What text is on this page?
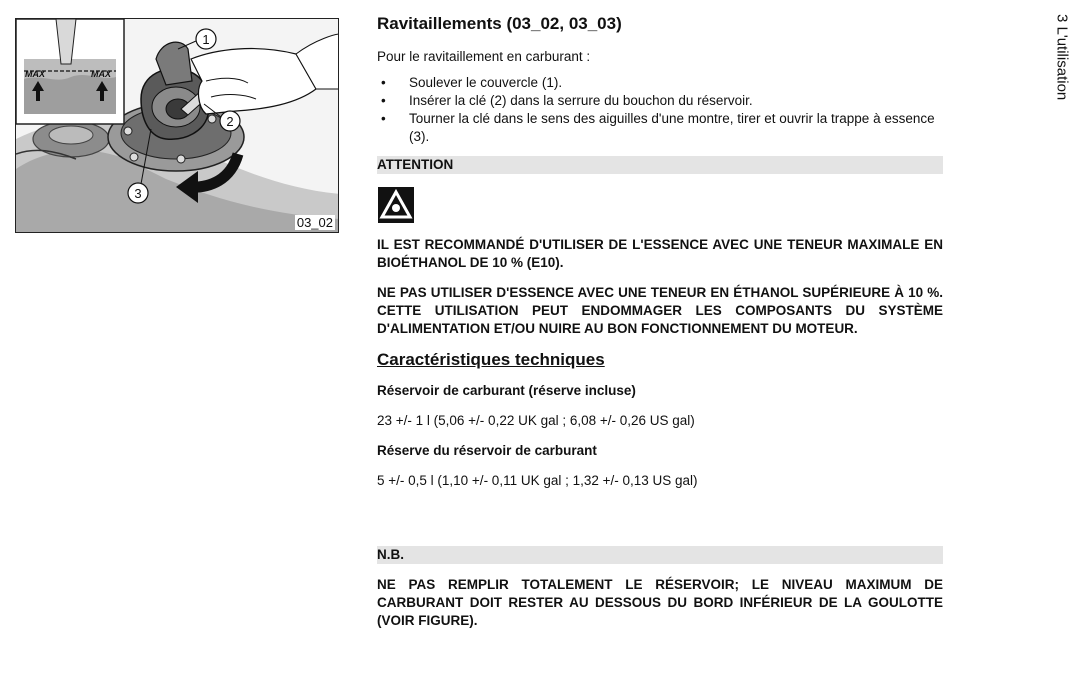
MAX	MAX
1
2
3
03_02
3 L'utilisation
Ravitaillements (03_02, 03_03)

Pour le ravitaillement en carburant :

• Soulever le couvercle (1).
• Insérer la clé (2) dans la serrure du bouchon du réservoir.
• Tourner la clé dans le sens des aiguilles d'une montre, tirer et ouvrir la trappe à essence (3).
ATTENTION

IL EST RECOMMANDÉ D'UTILISER DE L'ESSENCE AVEC UNE TENEUR MAXIMALE EN BIOÉTHANOL DE 10 % (E10).

NE PAS UTILISER D'ESSENCE AVEC UNE TENEUR EN ÉTHANOL SUPÉRIEURE À 10 %. CETTE UTILISATION PEUT ENDOMMAGER LES COMPOSANTS DU SYSTÈME D'ALIMENTATION ET/OU NUIRE AU BON FONCTIONNEMENT DU MOTEUR.

Caractéristiques techniques
Réservoir de carburant (réserve incluse)
23 +/- 1 l (5,06 +/- 0,22 UK gal ; 6,08 +/- 0,26 US gal)
Réserve du réservoir de carburant
5 +/- 0,5 l (1,10 +/- 0,11 UK gal ; 1,32 +/- 0,13 US gal)
N.B.

NE PAS REMPLIR TOTALEMENT LE RÉSERVOIR; LE NIVEAU MAXIMUM DE CARBURANT DOIT RESTER AU DESSOUS DU BORD INFÉRIEUR DE LA GOULOTTE (VOIR FIGURE).
